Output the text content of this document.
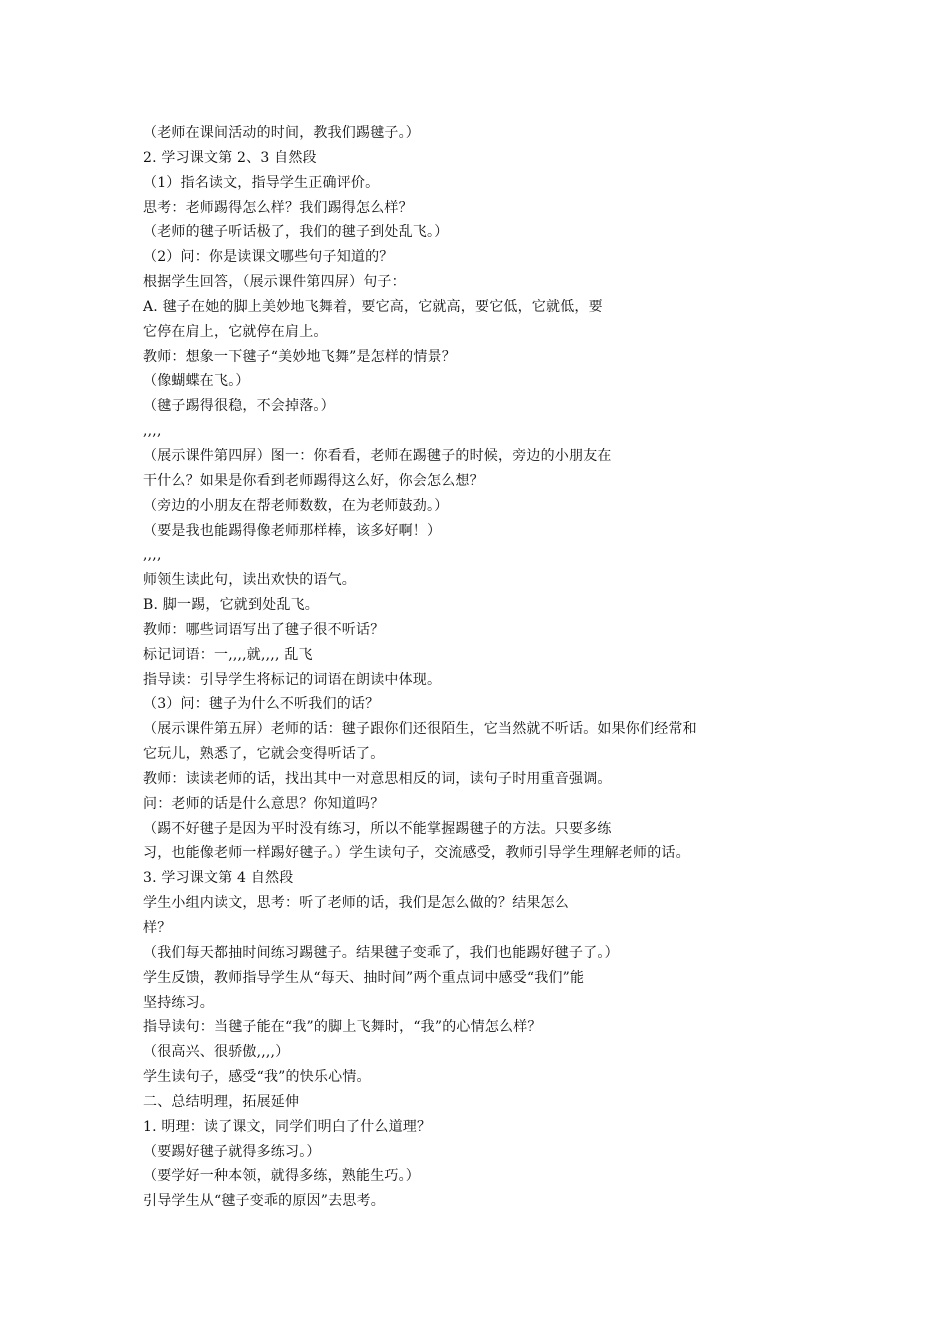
（老师在课间活动的时间，教我们踢毽子。）
2. 学习课文第 2、3 自然段
（1）指名读文，指导学生正确评价。
思考：老师踢得怎么样？我们踢得怎么样？
（老师的毽子听话极了，我们的毽子到处乱飞。）
（2）问：你是读课文哪些句子知道的？
根据学生回答，（展示课件第四屏）句子：
A. 毽子在她的脚上美妙地飞舞着，要它高，它就高，要它低，它就低，要
它停在肩上，它就停在肩上。
教师：想象一下毽子“美妙地飞舞”是怎样的情景？
（像蝴蝶在飞。）
（毽子踢得很稳，不会掉落。）
,,,,
（展示课件第四屏）图一：你看看，老师在踢毽子的时候，旁边的小朋友在
干什么？如果是你看到老师踢得这么好，你会怎么想？
（旁边的小朋友在帮老师数数，在为老师鼓劲。）
（要是我也能踢得像老师那样棒，该多好啊！）
,,,,
师领生读此句，读出欢快的语气。
B. 脚一踢，它就到处乱飞。
教师：哪些词语写出了毽子很不听话？
标记词语：一,,,,就,,,, 乱飞
指导读：引导学生将标记的词语在朗读中体现。
（3）问：毽子为什么不听我们的话？
（展示课件第五屏）老师的话：毽子跟你们还很陌生，它当然就不听话。如果你们经常和
它玩儿，熟悉了，它就会变得听话了。
教师：读读老师的话，找出其中一对意思相反的词，读句子时用重音强调。
问：老师的话是什么意思？你知道吗？
（踢不好毽子是因为平时没有练习，所以不能掌握踢毽子的方法。只要多练
习，也能像老师一样踢好毽子。）学生读句子，交流感受，教师引导学生理解老师的话。
3. 学习课文第 4 自然段
学生小组内读文，思考：听了老师的话，我们是怎么做的？结果怎么
样？
（我们每天都抽时间练习踢毽子。结果毽子变乖了，我们也能踢好毽子了。）
学生反馈，教师指导学生从“每天、抽时间”两个重点词中感受“我们”能
坚持练习。
指导读句：当毽子能在“我”的脚上飞舞时，“我”的心情怎么样？
（很高兴、很骄傲,,,,）
学生读句子，感受“我”的快乐心情。
二、总结明理，拓展延伸
1. 明理：读了课文，同学们明白了什么道理？
（要踢好毽子就得多练习。）
（要学好一种本领，就得多练，熟能生巧。）
引导学生从“毽子变乖的原因”去思考。
